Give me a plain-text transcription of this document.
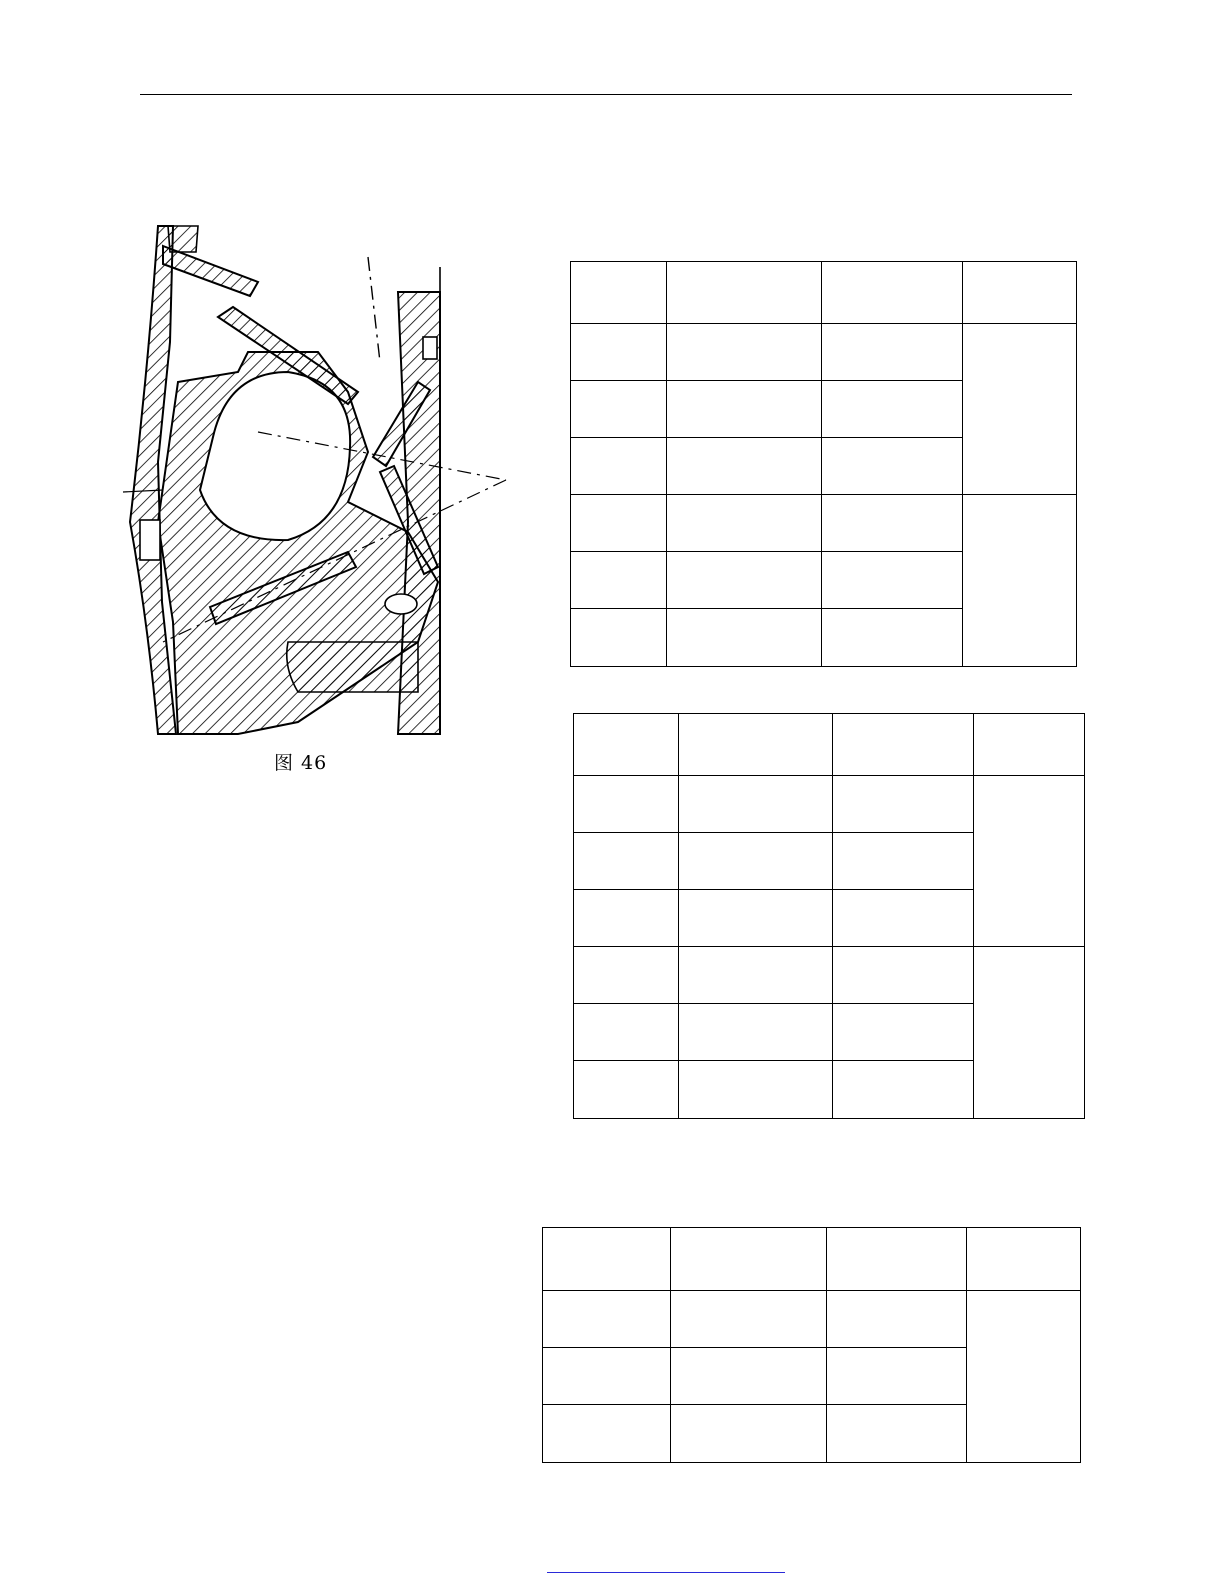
图 46
